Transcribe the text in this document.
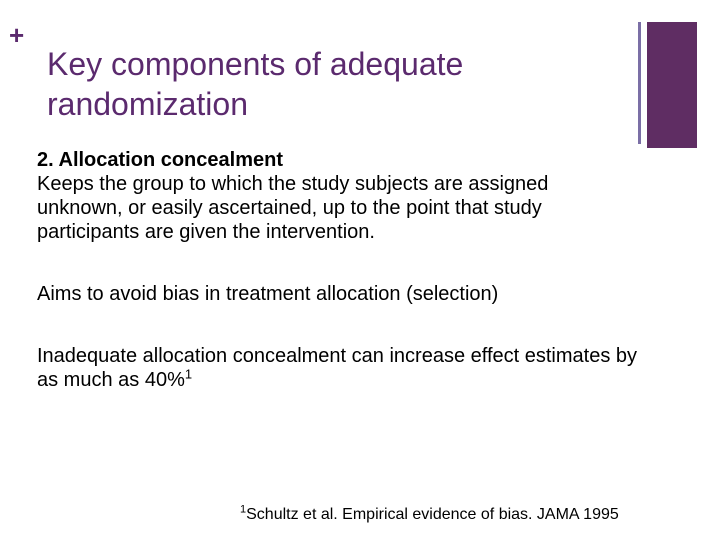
+
Key components of adequate randomization

2. Allocation concealment

Keeps the group to which the study subjects are assigned unknown, or easily ascertained, up to the point that study participants are given the intervention.

Aims to avoid bias in treatment allocation (selection)

Inadequate allocation concealment can increase effect estimates by as much as 40%$^1$

$^1$Schultz et al. Empirical evidence of bias. JAMA 1995
